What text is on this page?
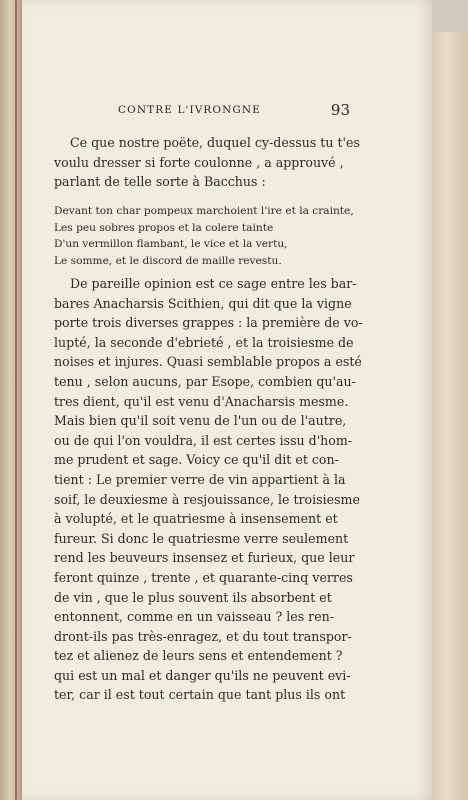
CONTRE L'IVRONGNE	93
Ce que nostre poëte, duquel cy-dessus tu t'es
voulu dresser si forte coulonne , a approuvé ,
parlant de telle sorte à Bacchus :
Devant ton char pompeux marchoient l'ire et la crainte,
Les peu sobres propos et la colere tainte
D'un vermillon flambant, le vice et la vertu,
Le somme, et le discord de maille revestu.
De pareille opinion est ce sage entre les bar-
bares Anacharsis Scithien, qui dit que la vigne
porte trois diverses grappes : la première de vo-
lupté, la seconde d'ebrieté , et la troisiesme de
noises et injures. Quasi semblable propos a esté
tenu , selon aucuns, par Esope, combien qu'au-
tres dient, qu'il est venu d'Anacharsis mesme.
Mais bien qu'il soit venu de l'un ou de l'autre,
ou de qui l'on vouldra, il est certes issu d'hom-
me prudent et sage. Voicy ce qu'il dit et con-
tient : Le premier verre de vin appartient à la
soif, le deuxiesme à resjouissance, le troisiesme
à volupté, et le quatriesme à insensement et
fureur. Si donc le quatriesme verre seulement
rend les beuveurs insensez et furieux, que leur
feront quinze , trente , et quarante-cinq verres
de vin , que le plus souvent ils absorbent et
entonnent, comme en un vaisseau ? les ren-
dront-ils pas très-enragez, et du tout transpor-
tez et alienez de leurs sens et entendement ?
qui est un mal et danger qu'ils ne peuvent evi-
ter, car il est tout certain que tant plus ils ont
